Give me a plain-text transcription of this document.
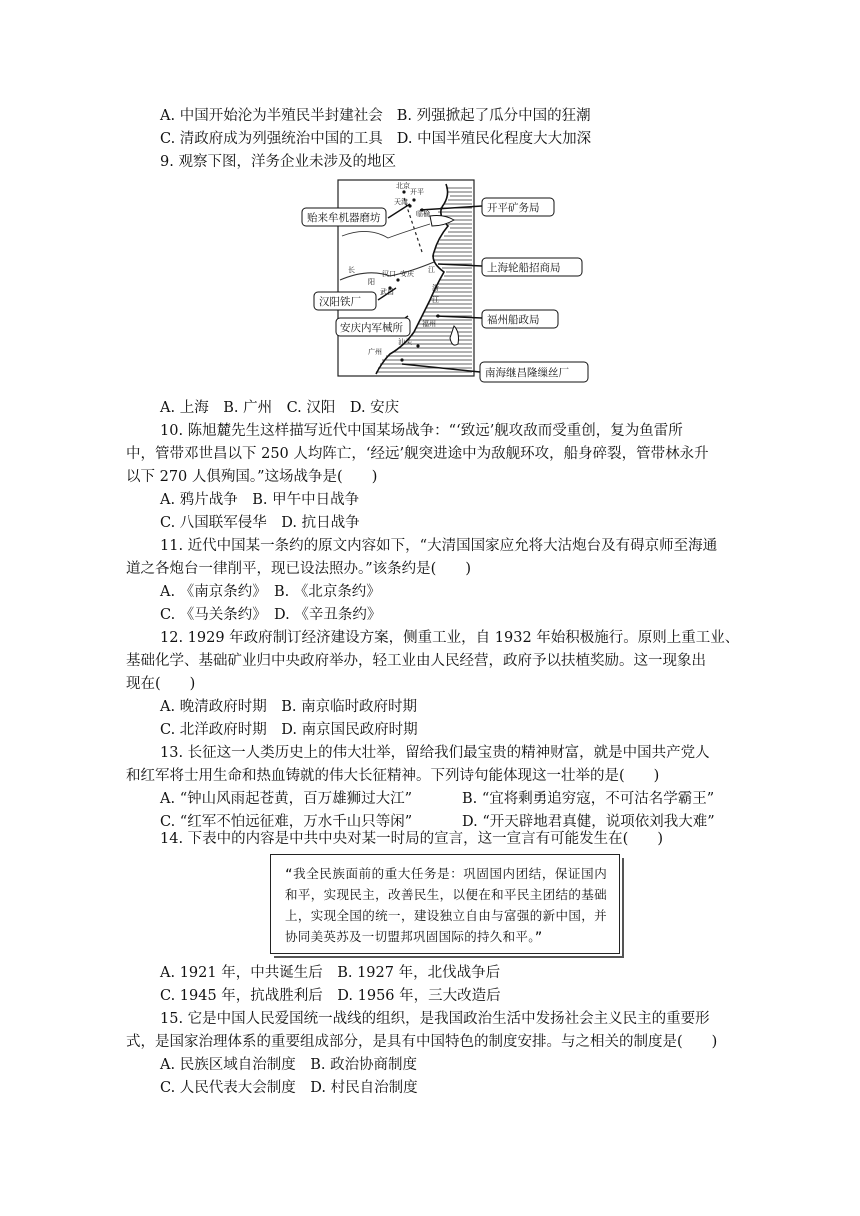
A. 中国开始沦为半殖民半封建社会 B. 列强掀起了瓜分中国的狂潮
C. 清政府成为列强统治中国的工具 D. 中国半殖民化程度大大加深
9. 观察下图，洋务企业未涉及的地区
北京
开平
天津
临榆
汉口 安庆
武昌
阳
长	江
福州
汕头
广州
浙
江
开平矿务局
贻来牟机器磨坊
上海轮船招商局
汉阳铁厂
福州船政局
安庆内军械所
南海继昌隆缫丝厂
A. 上海　B. 广州　C. 汉阳　D. 安庆
10. 陈旭麓先生这样描写近代中国某场战争：“‘致远’舰攻敌而受重创，复为鱼雷所
中，管带邓世昌以下 250 人均阵亡，‘经远’舰突进途中为敌舰环攻，船身碎裂，管带林永升
以下 270 人俱殉国。”这场战争是(　　)
A. 鸦片战争　B. 甲午中日战争
C. 八国联军侵华　D. 抗日战争
11. 近代中国某一条约的原文内容如下，“大清国国家应允将大沽炮台及有碍京师至海通
道之各炮台一律削平，现已设法照办。”该条约是(　　)
A. 《南京条约》　B. 《北京条约》
C. 《马关条约》　D. 《辛丑条约》
12. 1929 年政府制订经济建设方案，侧重工业，自 1932 年始积极施行。原则上重工业、
基础化学、基础矿业归中央政府举办，轻工业由人民经营，政府予以扶植奖励。这一现象出
现在(　　)
A. 晚清政府时期　B. 南京临时政府时期
C. 北洋政府时期　D. 南京国民政府时期
13. 长征这一人类历史上的伟大壮举，留给我们最宝贵的精神财富，就是中国共产党人
和红军将士用生命和热血铸就的伟大长征精神。下列诗句能体现这一壮举的是(　　)
A. “钟山风雨起苍黄，百万雄狮过大江”	B. “宜将剩勇追穷寇，不可沽名学霸王”
C. “红军不怕远征难，万水千山只等闲”	D. “开天辟地君真健，说项依刘我大难”
14. 下表中的内容是中共中央对某一时局的宣言，这一宣言有可能发生在(　　)
“我全民族面前的重大任务是：巩固国内团结，保证国内和平，实现民主，改善民生，以便在和平民主团结的基础上，实现全国的统一，建设独立自由与富强的新中国，并协同美英苏及一切盟邦巩固国际的持久和平。”
A. 1921 年，中共诞生后　B. 1927 年，北伐战争后
C. 1945 年，抗战胜利后　D. 1956 年，三大改造后
15. 它是中国人民爱国统一战线的组织，是我国政治生活中发扬社会主义民主的重要形
式，是国家治理体系的重要组成部分，是具有中国特色的制度安排。与之相关的制度是(　　)
A. 民族区域自治制度　B. 政治协商制度
C. 人民代表大会制度　D. 村民自治制度
